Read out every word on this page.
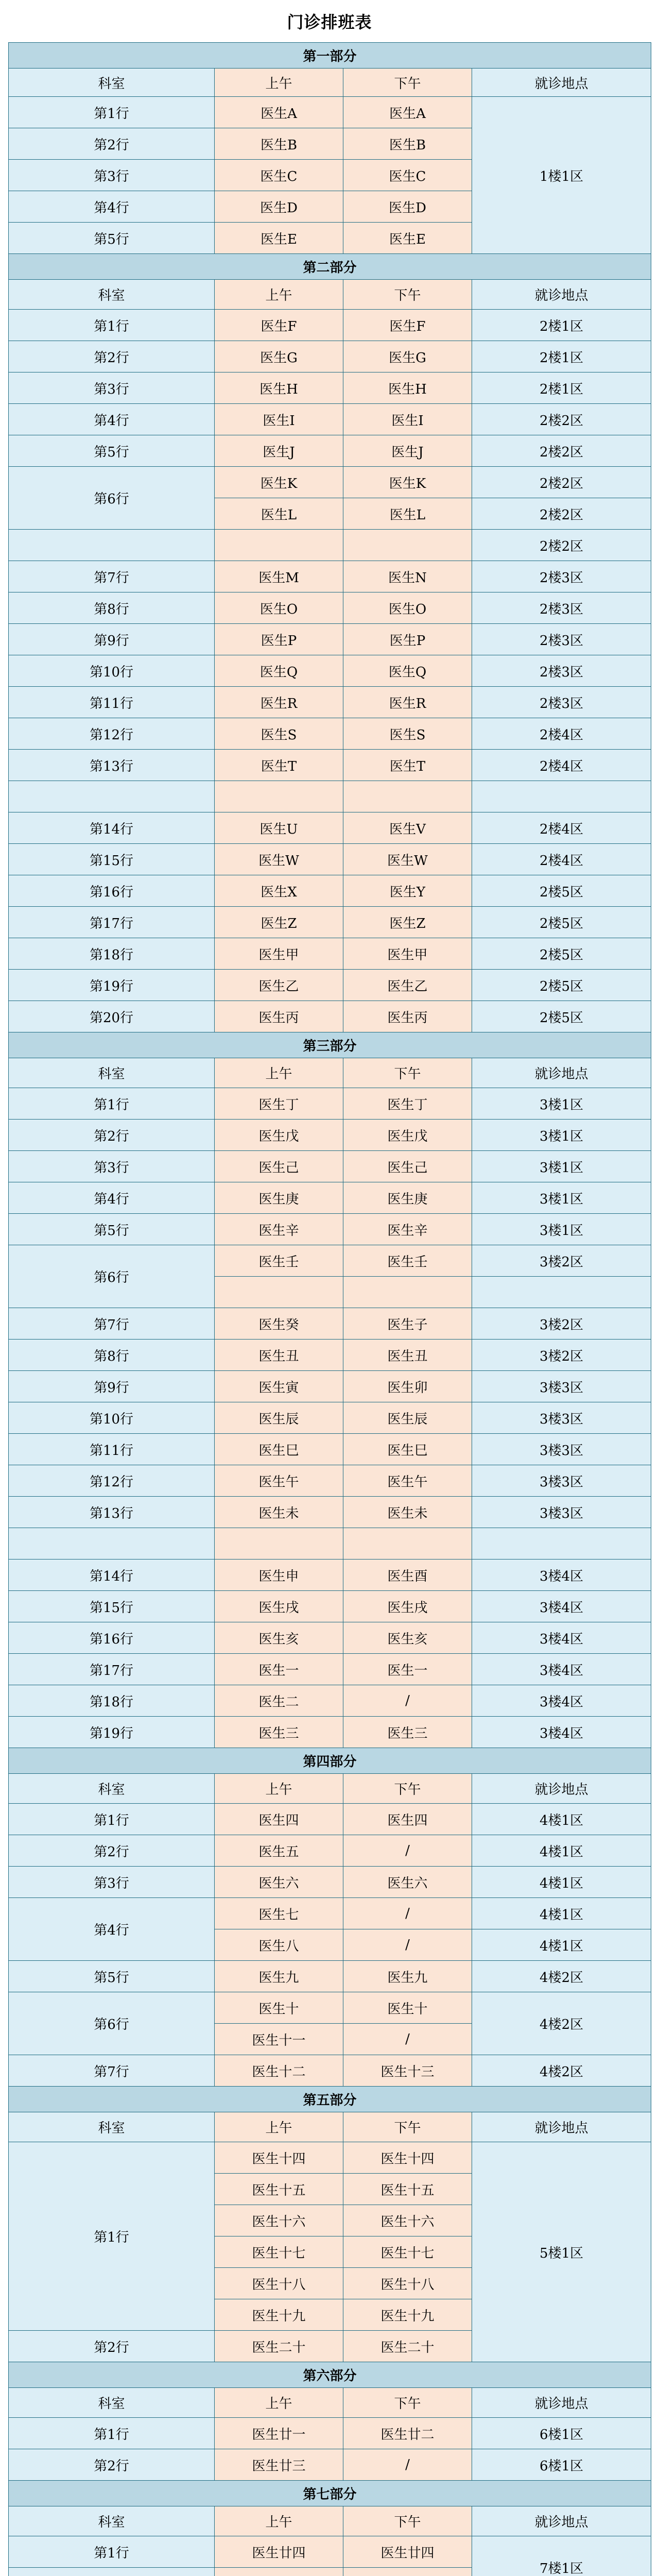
门诊排班表
第一部分			
科室	上午	下午	就诊地点
第1行	医生A	医生A	1楼1区
第2行	医生B	医生B	
第3行	医生C	医生C	
第4行	医生D	医生D	
第5行	医生E	医生E	
第二部分			
科室	上午	下午	就诊地点
第1行	医生F	医生F	2楼1区
第2行	医生G	医生G	2楼1区
第3行	医生H	医生H	2楼1区
第4行	医生I	医生I	2楼2区
第5行	医生J	医生J	2楼2区
第6行	医生K	医生K	2楼2区
	医生L	医生L	2楼2区
			2楼2区
第7行	医生M	医生N	2楼3区
第8行	医生O	医生O	2楼3区
第9行	医生P	医生P	2楼3区
第10行	医生Q	医生Q	2楼3区
第11行	医生R	医生R	2楼3区
第12行	医生S	医生S	2楼4区
第13行	医生T	医生T	2楼4区

第14行	医生U	医生V	2楼4区
第15行	医生W	医生W	2楼4区
第16行	医生X	医生Y	2楼5区
第17行	医生Z	医生Z	2楼5区
第18行	医生甲	医生甲	2楼5区
第19行	医生乙	医生乙	2楼5区
第20行	医生丙	医生丙	2楼5区
第三部分			
科室	上午	下午	就诊地点
第1行	医生丁	医生丁	3楼1区
第2行	医生戊	医生戊	3楼1区
第3行	医生己	医生己	3楼1区
第4行	医生庚	医生庚	3楼1区
第5行	医生辛	医生辛	3楼1区
第6行	医生壬	医生壬	3楼2区

第7行	医生癸	医生子	3楼2区
第8行	医生丑	医生丑	3楼2区
第9行	医生寅	医生卯	3楼3区
第10行	医生辰	医生辰	3楼3区
第11行	医生巳	医生巳	3楼3区
第12行	医生午	医生午	3楼3区
第13行	医生未	医生未	3楼3区

第14行	医生申	医生酉	3楼4区
第15行	医生戌	医生戌	3楼4区
第16行	医生亥	医生亥	3楼4区
第17行	医生一	医生一	3楼4区
第18行	医生二	/	3楼4区
第19行	医生三	医生三	3楼4区
第四部分			
科室	上午	下午	就诊地点
第1行	医生四	医生四	4楼1区
第2行	医生五	/	4楼1区
第3行	医生六	医生六	4楼1区
第4行	医生七	/	4楼1区
	医生八	/	4楼1区
第5行	医生九	医生九	4楼2区
第6行	医生十	医生十	4楼2区
	医生十一	/	
第7行	医生十二	医生十三	4楼2区
第五部分			
科室	上午	下午	就诊地点
第1行	医生十四	医生十四	5楼1区
	医生十五	医生十五	
	医生十六	医生十六	
	医生十七	医生十七	
	医生十八	医生十八	
	医生十九	医生十九	
第2行	医生二十	医生二十	
第六部分			
科室	上午	下午	就诊地点
第1行	医生廿一	医生廿二	6楼1区
第2行	医生廿三	/	6楼1区
第七部分			
科室	上午	下午	就诊地点
第1行	医生廿四	医生廿四	7楼1区
